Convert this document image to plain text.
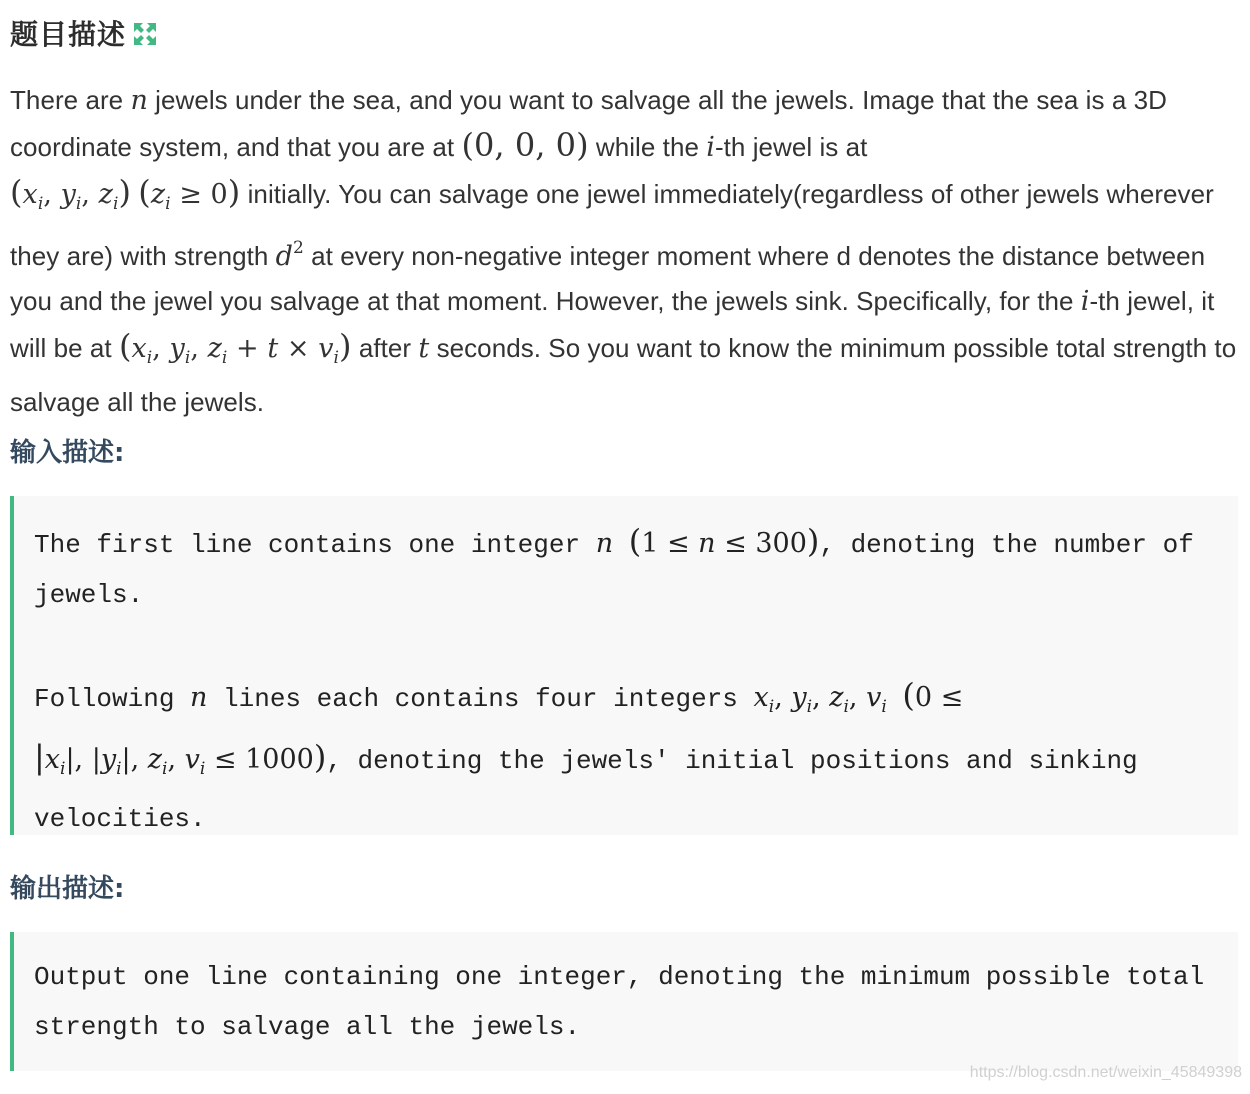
题目描述

There are n jewels under the sea, and you want to salvage all the jewels. Image that the sea is a 3D coordinate system, and that you are at (0, 0, 0) while the i-th jewel is at
($x_i$, $y_i$, $z_i$) $(z_i \ge 0)$ initially. You can salvage one jewel immediately(regardless of other jewels wherever they are) with strength $d^2$ at every non-negative integer moment where d denotes the distance between you and the jewel you salvage at that moment. However, the jewels sink. Specifically, for the i-th jewel, it will be at ($x_i$, $y_i$, $z_i + t \times v_i$) after t seconds. So you want to know the minimum possible total strength to salvage all the jewels.

输入描述:

The first line contains one integer n (1 ≤ n ≤ 300), denoting the number of jewels.

Following n lines each contains four integers $x_i$, $y_i$, $z_i$, $v_i$ (0 ≤
$|x_i|$, $|y_i|$, $z_i$, $v_i \le 1000$), denoting the jewels' initial positions and sinking velocities.

输出描述:

Output one line containing one integer, denoting the minimum possible total strength to salvage all the jewels.

https://blog.csdn.net/weixin_45849398
